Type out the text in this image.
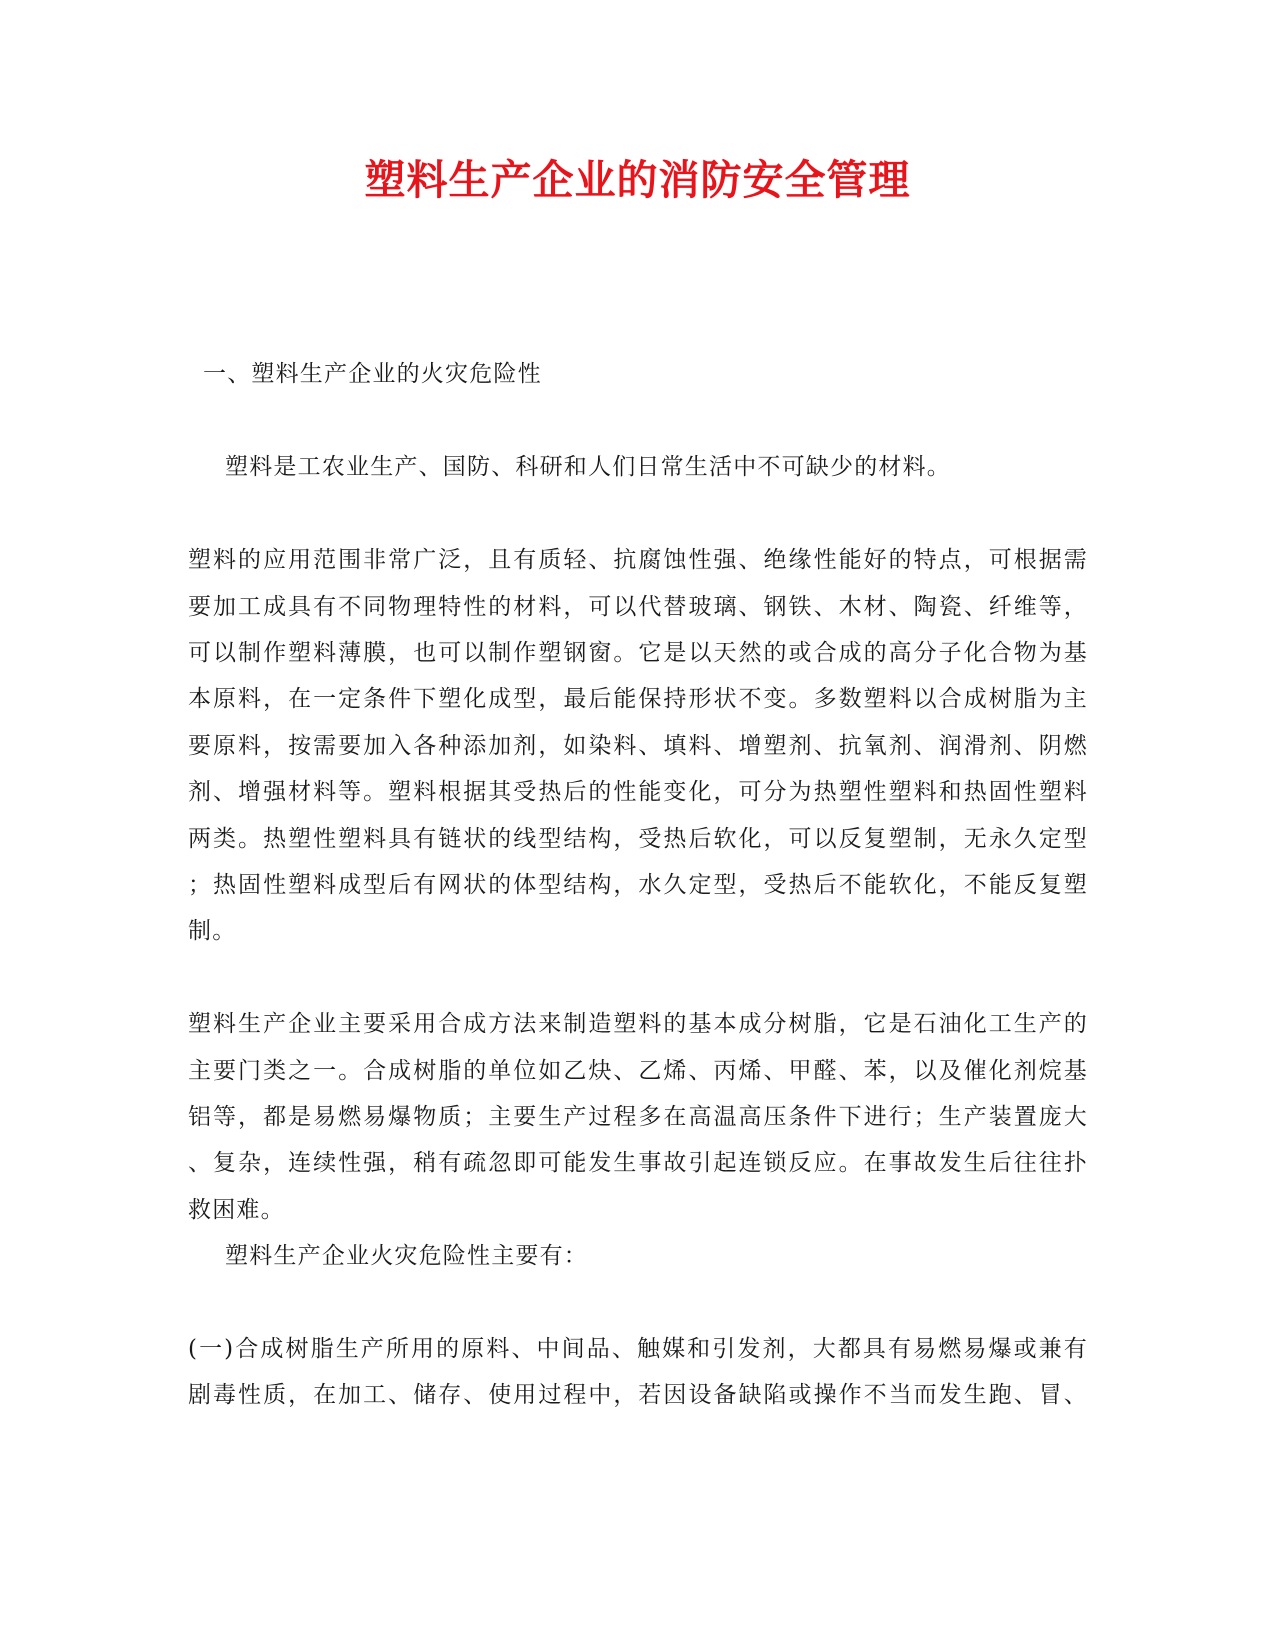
塑料生产企业的消防安全管理
一、塑料生产企业的火灾危险性
塑料是工农业生产、国防、科研和人们日常生活中不可缺少的材料。
塑料的应用范围非常广泛，且有质轻、抗腐蚀性强、绝缘性能好的特点，可根据需
要加工成具有不同物理特性的材料，可以代替玻璃、钢铁、木材、陶瓷、纤维等，
可以制作塑料薄膜，也可以制作塑钢窗。它是以天然的或合成的高分子化合物为基
本原料，在一定条件下塑化成型，最后能保持形状不变。多数塑料以合成树脂为主
要原料，按需要加入各种添加剂，如染料、填料、增塑剂、抗氧剂、润滑剂、阴燃
剂、增强材料等。塑料根据其受热后的性能变化，可分为热塑性塑料和热固性塑料
两类。热塑性塑料具有链状的线型结构，受热后软化，可以反复塑制，无永久定型
；热固性塑料成型后有网状的体型结构，水久定型，受热后不能软化，不能反复塑
制。
塑料生产企业主要采用合成方法来制造塑料的基本成分树脂，它是石油化工生产的
主要门类之一。合成树脂的单位如乙炔、乙烯、丙烯、甲醛、苯，以及催化剂烷基
铝等，都是易燃易爆物质；主要生产过程多在高温高压条件下进行；生产装置庞大
、复杂，连续性强，稍有疏忽即可能发生事故引起连锁反应。在事故发生后往往扑
救困难。
塑料生产企业火灾危险性主要有：
(一)合成树脂生产所用的原料、中间品、触媒和引发剂，大都具有易燃易爆或兼有
剧毒性质，在加工、储存、使用过程中，若因设备缺陷或操作不当而发生跑、冒、
